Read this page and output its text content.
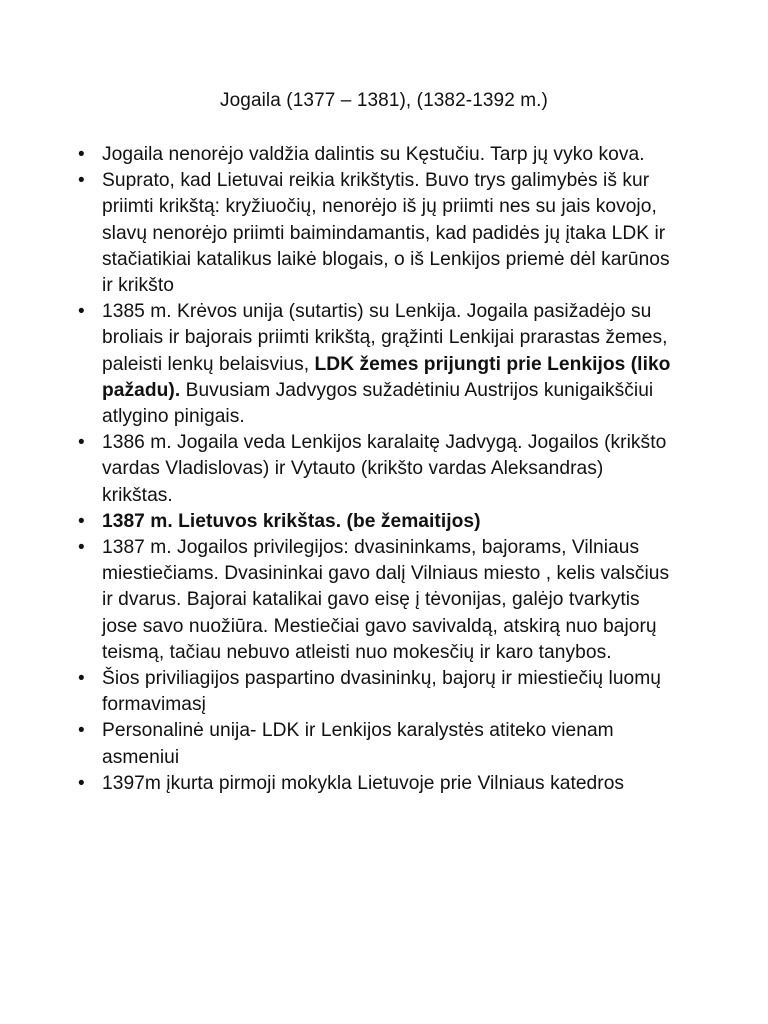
Jogaila (1377 – 1381), (1382-1392 m.)
• Jogaila nenorėjo valdžia dalintis su Kęstučiu. Tarp jų vyko kova.
• Suprato, kad Lietuvai reikia krikštytis. Buvo trys galimybės iš kur priimti krikštą: kryžiuočių, nenorėjo iš jų priimti nes su jais kovojo, slavų nenorėjo priimti baimindamantis, kad padidės jų įtaka LDK ir stačiatikiai katalikus laikė blogais, o iš Lenkijos priemė dėl karūnos ir krikšto
• 1385 m. Krėvos unija (sutartis) su Lenkija. Jogaila pasižadėjo su broliais ir bajorais priimti krikštą, grąžinti Lenkijai prarastas žemes, paleisti lenkų belaisvius, LDK žemes prijungti prie Lenkijos (liko pažadu). Buvusiam Jadvygos sužadėtiniu Austrijos kunigaikščiui atlygino pinigais.
• 1386 m. Jogaila veda Lenkijos karalaitę Jadvygą. Jogailos (krikšto vardas Vladislovas) ir Vytauto (krikšto vardas Aleksandras) krikštas.
• 1387 m. Lietuvos krikštas. (be žemaitijos)
• 1387 m. Jogailos privilegijos: dvasininkams, bajorams, Vilniaus miestiečiams. Dvasininkai gavo dalį Vilniaus miesto , kelis valsčius ir dvarus. Bajorai katalikai gavo eisę į tėvonijas, galėjo tvarkytis jose savo nuožiūra. Mestiečiai gavo savivaldą, atskirą nuo bajorų teismą, tačiau nebuvo atleisti nuo mokesčių ir karo tanybos.
• Šios priviliagijos paspartino dvasininkų, bajorų ir miestiečių luomų formavimasį
• Personalinė unija- LDK ir Lenkijos karalystės atiteko vienam asmeniui
• 1397m įkurta pirmoji mokykla Lietuvoje prie Vilniaus katedros
